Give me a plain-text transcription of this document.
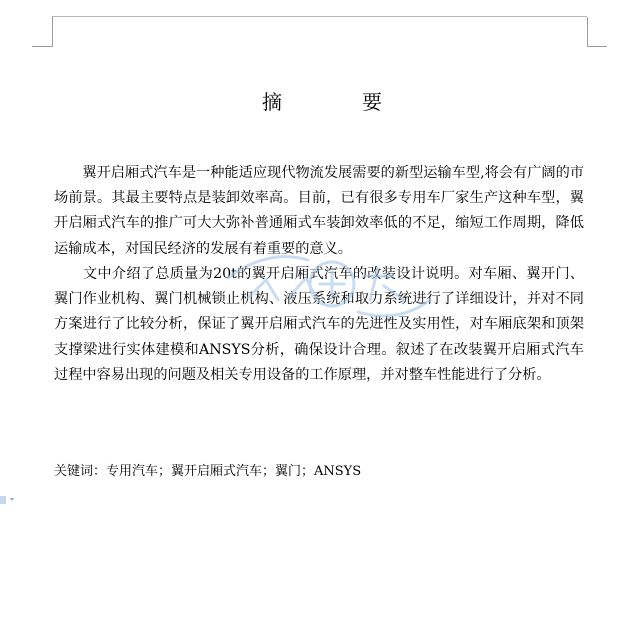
摘　要

　　翼开启厢式汽车是一种能适应现代物流发展需要的新型运输车型,将会有广阔的市场前景。其最主要特点是装卸效率高。目前，已有很多专用车厂家生产这种车型，翼开启厢式汽车的推广可大大弥补普通厢式车装卸效率低的不足，缩短工作周期，降低运输成本，对国民经济的发展有着重要的意义。

　　文中介绍了总质量为20t的翼开启厢式汽车的改装设计说明。对车厢、翼开门、翼门作业机构、翼门机械锁止机构、液压系统和取力系统进行了详细设计，并对不同方案进行了比较分析，保证了翼开启厢式汽车的先进性及实用性，对车厢底架和顶架支撑梁进行实体建模和ANSYS分析，确保设计合理。叙述了在改装翼开启厢式汽车过程中容易出现的问题及相关专用设备的工作原理，并对整车性能进行了分析。

关键词：专用汽车；翼开启厢式汽车；翼门；ANSYS
